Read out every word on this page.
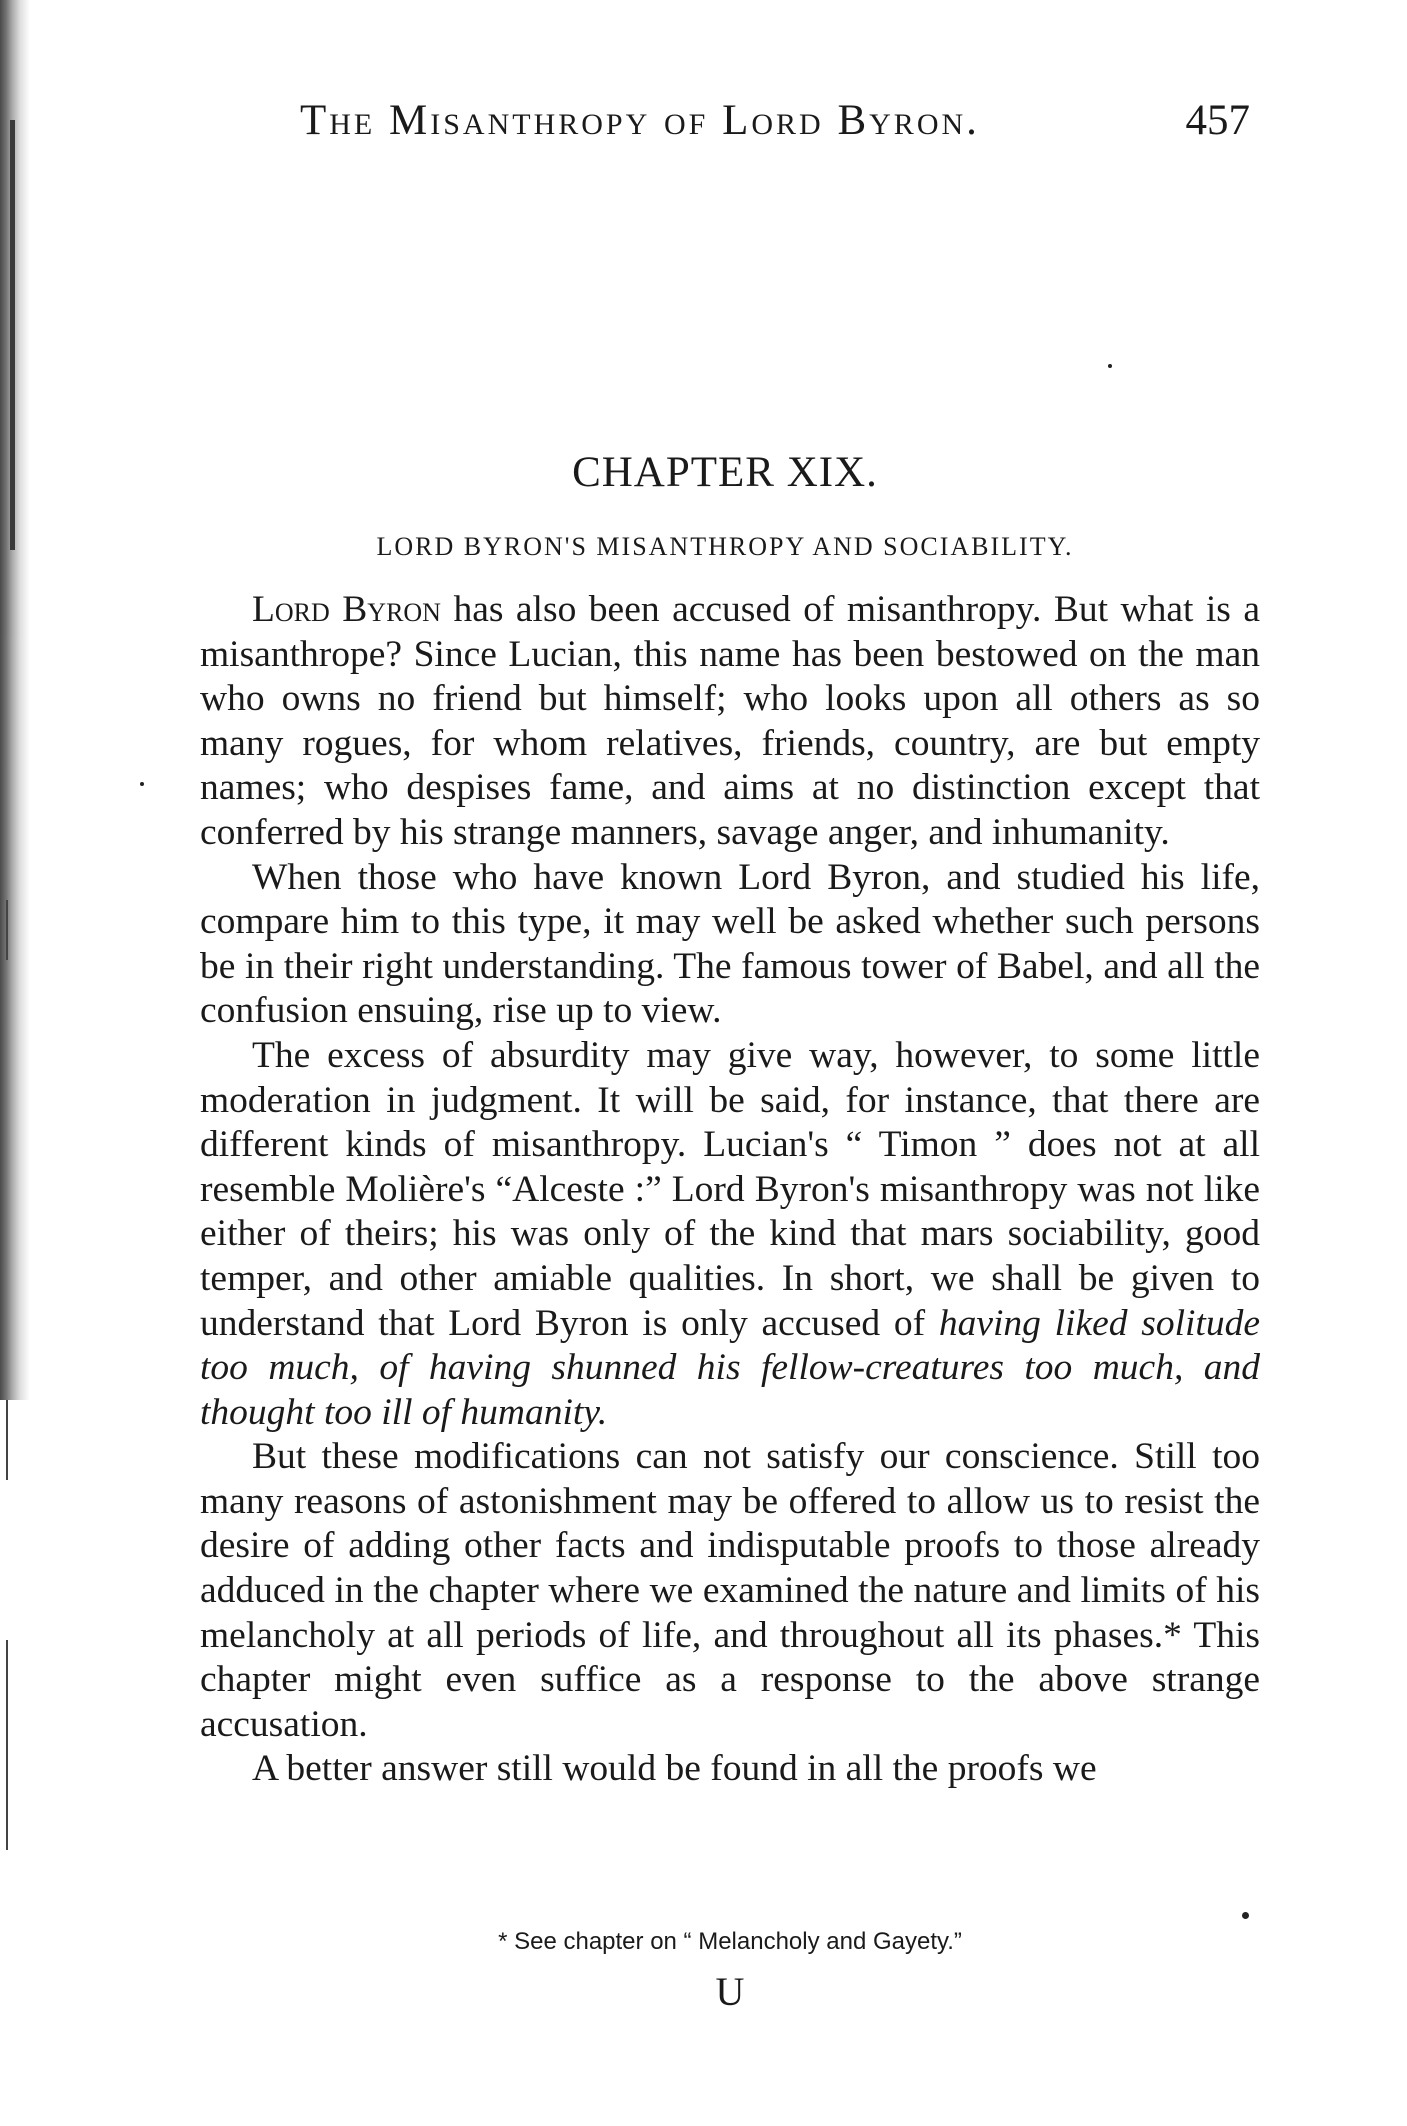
The Misanthropy of Lord Byron.	457
CHAPTER XIX.
LORD BYRON'S MISANTHROPY AND SOCIABILITY.

Lord Byron has also been accused of misanthropy. But what is a misanthrope? Since Lucian, this name has been bestowed on the man who owns no friend but himself; who looks upon all others as so many rogues, for whom relatives, friends, country, are but empty names; who despises fame, and aims at no distinction except that conferred by his strange manners, savage anger, and inhumanity.

When those who have known Lord Byron, and studied his life, compare him to this type, it may well be asked whether such persons be in their right understanding. The famous tower of Babel, and all the confusion ensuing, rise up to view.

The excess of absurdity may give way, however, to some little moderation in judgment. It will be said, for instance, that there are different kinds of misanthropy. Lucian's “ Timon ” does not at all resemble Molière's “Alceste :” Lord Byron's misanthropy was not like either of theirs; his was only of the kind that mars sociability, good temper, and other amiable qualities. In short, we shall be given to understand that Lord Byron is only accused of having liked solitude too much, of having shunned his fellow-creatures too much, and thought too ill of humanity.

But these modifications can not satisfy our conscience. Still too many reasons of astonishment may be offered to allow us to resist the desire of adding other facts and indisputable proofs to those already adduced in the chapter where we examined the nature and limits of his melancholy at all periods of life, and throughout all its phases.* This chapter might even suffice as a response to the above strange accusation.

A better answer still would be found in all the proofs we

* See chapter on “ Melancholy and Gayety.”
U
